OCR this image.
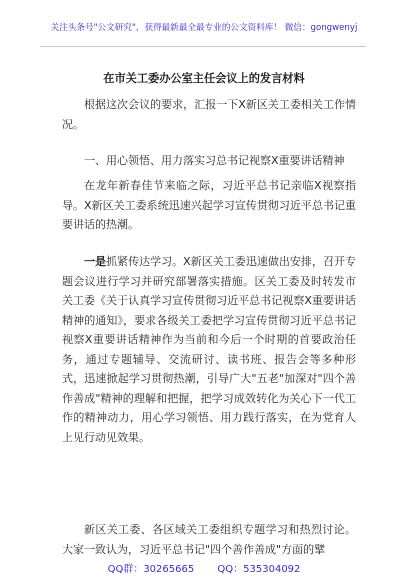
关注头条号"公文研究"，获得最新最全最专业的公文资料库！ 微信：gongwenyj
在市关工委办公室主任会议上的发言材料
根据这次会议的要求，汇报一下X新区关工委相关工作情况。
一、用心领悟、用力落实习总书记视察X重要讲话精神
在龙年新春佳节来临之际，习近平总书记亲临X视察指导。X新区关工委系统迅速兴起学习宣传贯彻习近平总书记重要讲话的热潮。
一是抓紧传达学习。X新区关工委迅速做出安排，召开专题会议进行学习并研究部署落实措施。区关工委及时转发市关工委《关于认真学习宣传贯彻习近平总书记视察X重要讲话精神的通知》，要求各级关工委把学习宣传贯彻习近平总书记视察X重要讲话精神作为当前和今后一个时期的首要政治任务，通过专题辅导、交流研讨、读书班、报告会等多种形式，迅速掀起学习贯彻热潮，引导广大"五老"加深对"四个善作善成"精神的理解和把握，把学习成效转化为关心下一代工作的精神动力，用心学习领悟、用力践行落实，在为党育人上见行动见效果。
新区关工委、各区域关工委组织专题学习和热烈讨论。大家一致认为，习近平总书记"四个善作善成"方面的擘
QQ群：30265665 QQ：535304092
